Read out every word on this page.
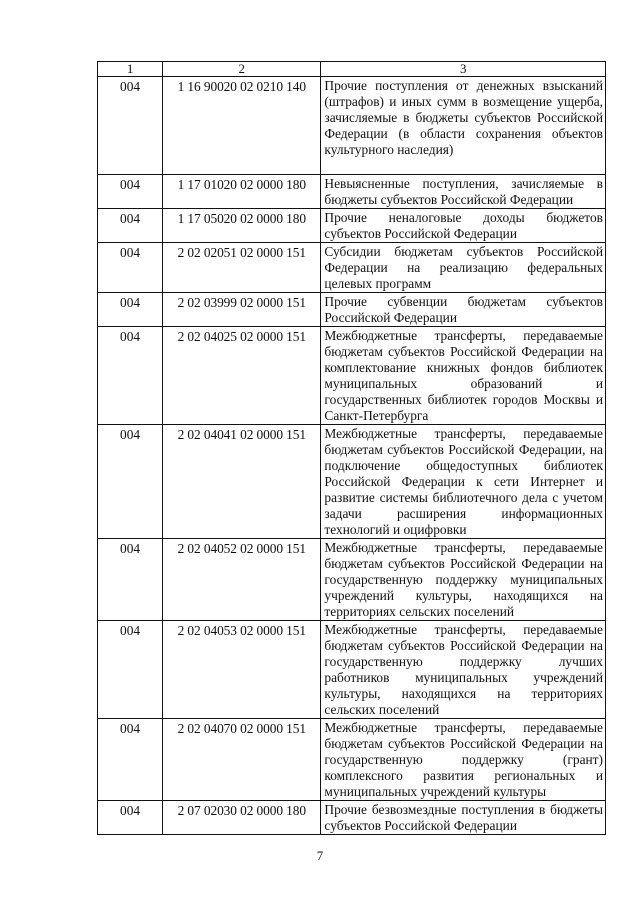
1	2	3
004	1 16 90020 02 0210 140	Прочие поступления от денежных взысканий (штрафов) и иных сумм в возмещение ущерба, зачисляемые в бюджеты субъектов Российской Федерации (в области сохранения объектов культурного наследия)
004	1 17 01020 02 0000 180	Невыясненные поступления, зачисляемые в бюджеты субъектов Российской Федерации
004	1 17 05020 02 0000 180	Прочие неналоговые доходы бюджетов субъектов Российской Федерации
004	2 02 02051 02 0000 151	Субсидии бюджетам субъектов Российской Федерации на реализацию федеральных целевых программ
004	2 02 03999 02 0000 151	Прочие субвенции бюджетам субъектов Российской Федерации
004	2 02 04025 02 0000 151	Межбюджетные трансферты, передаваемые бюджетам субъектов Российской Федерации на комплектование книжных фондов библиотек муниципальных образований и государственных библиотек городов Москвы и Санкт-Петербурга
004	2 02 04041 02 0000 151	Межбюджетные трансферты, передаваемые бюджетам субъектов Российской Федерации, на подключение общедоступных библиотек Российской Федерации к сети Интернет и развитие системы библиотечного дела с учетом задачи расширения информационных технологий и оцифровки
004	2 02 04052 02 0000 151	Межбюджетные трансферты, передаваемые бюджетам субъектов Российской Федерации на государственную поддержку муниципальных учреждений культуры, находящихся на территориях сельских поселений
004	2 02 04053 02 0000 151	Межбюджетные трансферты, передаваемые бюджетам субъектов Российской Федерации на государственную поддержку лучших работников муниципальных учреждений культуры, находящихся на территориях сельских поселений
004	2 02 04070 02 0000 151	Межбюджетные трансферты, передаваемые бюджетам субъектов Российской Федерации на государственную поддержку (грант) комплексного развития региональных и муниципальных учреждений культуры
004	2 07 02030 02 0000 180	Прочие безвозмездные поступления в бюджеты субъектов Российской Федерации
7
